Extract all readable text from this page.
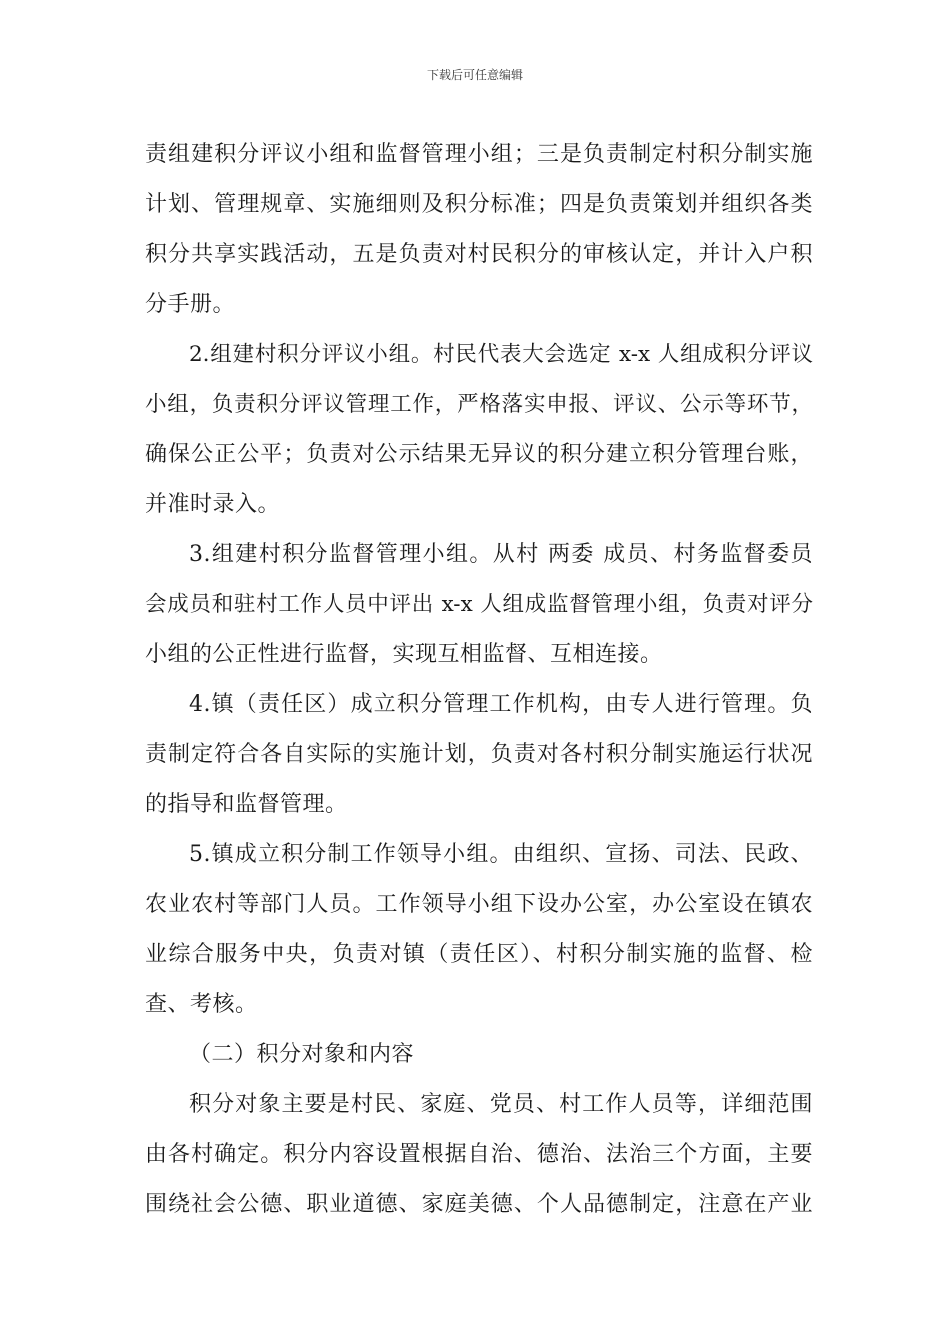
下载后可任意编辑
责组建积分评议小组和监督管理小组；三是负责制定村积分制实施
计划、管理规章、实施细则及积分标准；四是负责策划并组织各类
积分共享实践活动，五是负责对村民积分的审核认定，并计入户积
分手册。
2.组建村积分评议小组。村民代表大会选定 x-x 人组成积分评议
小组，负责积分评议管理工作，严格落实申报、评议、公示等环节，
确保公正公平；负责对公示结果无异议的积分建立积分管理台账，
并准时录入。
3.组建村积分监督管理小组。从村 两委 成员、村务监督委员
会成员和驻村工作人员中评出 x-x 人组成监督管理小组，负责对评分
小组的公正性进行监督，实现互相监督、互相连接。
4.镇（责任区）成立积分管理工作机构，由专人进行管理。负
责制定符合各自实际的实施计划，负责对各村积分制实施运行状况
的指导和监督管理。
5.镇成立积分制工作领导小组。由组织、宣扬、司法、民政、
农业农村等部门人员。工作领导小组下设办公室，办公室设在镇农
业综合服务中央，负责对镇（责任区）、村积分制实施的监督、检
查、考核。
（二）积分对象和内容
积分对象主要是村民、家庭、党员、村工作人员等，详细范围
由各村确定。积分内容设置根据自治、德治、法治三个方面，主要
围绕社会公德、职业道德、家庭美德、个人品德制定，注意在产业
